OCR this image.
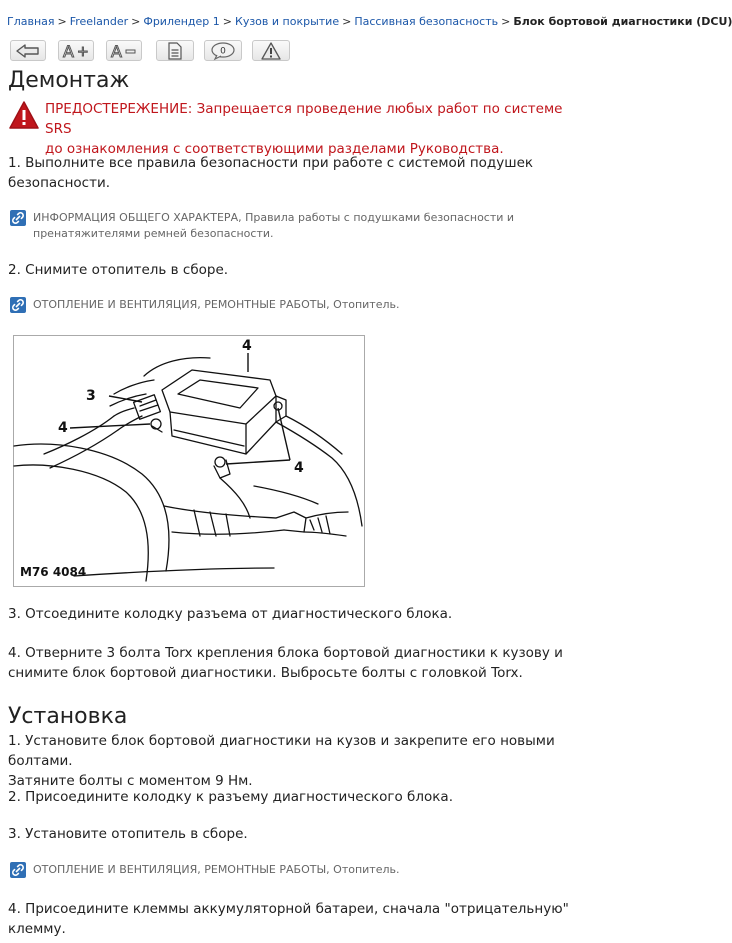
Главная > Freelander > Фрилендер 1 > Кузов и покрытие > Пассивная безопасность > Блок бортовой диагностики (DCU)
A + A	0
Демонтаж
ПРЕДОСТЕРЕЖЕНИЕ: Запрещается проведение любых работ по системе SRS
до ознакомления с соответствующими разделами Руководства.

1. Выполните все правила безопасности при работе с системой подушек
безопасности.

ИНФОРМАЦИЯ ОБЩЕГО ХАРАКТЕРА, Правила работы с подушками безопасности и
пренатяжителями ремней безопасности.

2. Снимите отопитель в сборе.

ОТОПЛЕНИЕ И ВЕНТИЛЯЦИЯ, РЕМОНТНЫЕ РАБОТЫ, Отопитель.
4
3
4
4
M76 4084

3. Отсоедините колодку разъема от диагностического блока.

4. Отверните 3 болта Torx крепления блока бортовой диагностики к кузову и
снимите блок бортовой диагностики. Выбросьте болты с головкой Torx.

Установка

1. Установите блок бортовой диагностики на кузов и закрепите его новыми болтами.
Затяните болты с моментом 9 Нм.

2. Присоедините колодку к разъему диагностического блока.

3. Установите отопитель в сборе.

ОТОПЛЕНИЕ И ВЕНТИЛЯЦИЯ, РЕМОНТНЫЕ РАБОТЫ, Отопитель.

4. Присоедините клеммы аккумуляторной батареи, сначала "отрицательную"
клемму.
